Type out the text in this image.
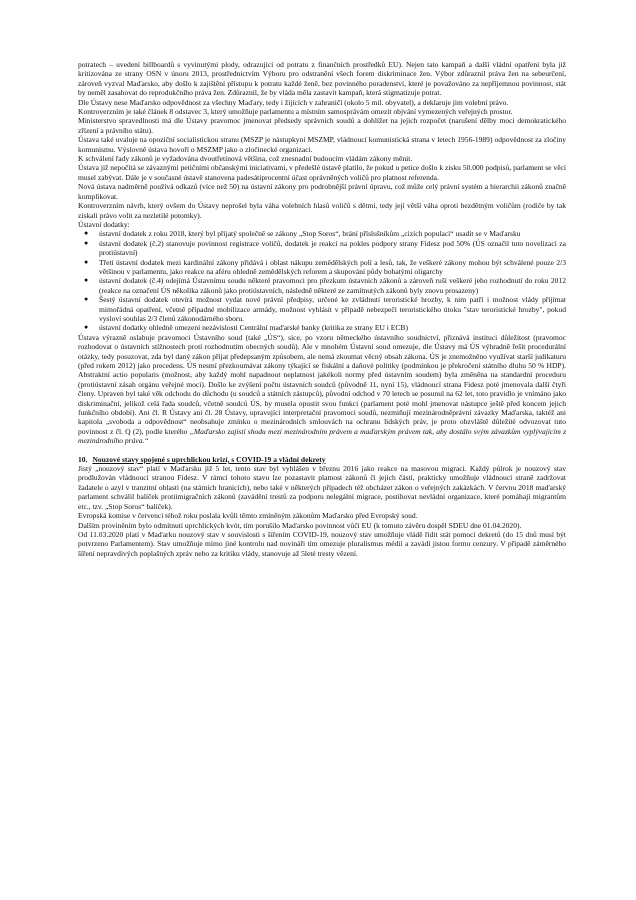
potratech – uvedení billboardů s vyvinutými plody, odrazující od potratu z finančních prostředků EU). Nejen tato kampaň a další vládní opatření byla již kritizována ze strany OSN v únoru 2013, prostřednictvím Výboru pro odstranění všech forem diskriminace žen. Výbor zdůraznil práva žen na sebeurčení, zároveň vyzval Maďarsko, aby došlo k zajištění přístupu k potratu každé ženě, bez povinného poradenství, které je považováno za nepříjemnou povinnost, stát by neměl zasahovat do reprodukčního práva žen. Zdůraznil, že by vláda měla zastavit kampaň, která stigmatizuje potrat.

Dle Ústavy nese Maďarsko odpovědnost za všechny Maďary, tedy i žijících v zahraničí (okolo 5 mil. obyvatel), a deklaruje jim volební právo.

Kontroverzním je také článek 8 odstavec 3, který umožňuje parlamentu a místním samosprávám omezit objvání vymezených veřejných prostor.

Ministerstvo spravedlnosti má dle Ústavy pravomoc jmenovat předsedy správních soudů a dohlížet na jejich rozpočet (narušení dělby moci demokratického zřízení a právního státu).

Ústava také uvaluje na opoziční socialistickou stranu (MSZP je nástupkyní MSZMP, vládnoucí komunistická strana v letech 1956-1989) odpovědnost za zločiny komunismu. Výslovně ústava hovoří o MSZMP jako o zločinecké organizaci.

K schválení řady zákonů je vyžadována dvoutřetinová většina, což znesnadní budoucím vládám zákony měnit.

Ústava již nepočítá se závaznými petičními občanskými iniciativami, v předešlé ústavě platilo, že pokud u petice došlo k zisku 50.000 podpisů, parlament se věcí musel zabývat. Dále je v současné ústavě stanovena padesátiprocentní účast oprávněných voličů pro platnost referenda.

Nová ústava nadměrně používá odkazů (více než 50) na ústavní zákony pro podrobnější právní úpravu, což může celý právní systém a hierarchii zákonů značně komplikovat.

Kontroverzním návrh, který ovšem do Ústavy neprošel byla váha volebních hlasů voličů s dětmi, tedy její větší váha oproti bezdětným voličům (rodiče by tak získali právo volit za nezletilé potomky).

Ústavní dodatky:

● ústavní dodatek z roku 2018, který byl přijatý společně se zákony „Stop Soros“, brání příslušníkům „cizích populací“ usadit se v Maďarsku
● ústavní dodatek (č.2) stanovuje povinnost registrace voličů, dodatek je reakcí na pokles podpory strany Fidesz pod 50% (ÚS označil tuto novelizaci za protiústavní)
● Třetí ústavní dodatek mezi kardinální zákony přidává i oblast nákupu zemědělských polí a lesů, tak, že veškeré zákony mohou být schválené pouze 2/3 většinou v parlamentu, jako reakce na aféru ohledně zemědělských reforem a skupování půdy bohatými oligarchy
● ústavní dodatek (č.4) odejímá Ústavnímu soudu některé pravomoci pro přezkum ústavních zákonů a zároveň ruší veškeré jeho rozhodnutí do roku 2012 (reakce na označení ÚS několika zákonů jako protiústavních, následně některé ze zamítnutých zákonů byly znovu prosazeny)
● Šestý ústavní dodatek otevírá možnost vydat nové právní předpisy, určené ke zvládnutí teroristické hrozby, k nim patří i možnost vlády přijímat mimořádná opatření, včetně případné mobilizace armády, možnost vyhlásit v případě nebezpečí teroristického útoku "stav teroristické hrozby", pokud vysloví souhlas 2/3 členů zákonodárného sboru.
● ústavní dodatky ohledně omezení nezávislosti Centrální maďarské banky (kritika ze strany EU i ECB)

Ústava výrazně oslabuje pravomoci Ústavního soud (také „ÚS“), sice, po vzoru německého ústavního soudnictví, přiznává instituci důležitost (pravomoc rozhodovat o ústavních stížnostech proti rozhodnutím obecných soudů). Ale v mnohém Ústavní soud omezuje, dle Ústavy má ÚS výhradně řešit procedurální otázky, tedy posuzovat, zda byl daný zákon přijat předepsaným způsobem, ale nemá zkoumat věcný obsah zákona. ÚS je znemožněno využívat starší judikaturu (před rokem 2012) jako precedens. ÚS nesmí přezkoumávat zákony týkající se fiskální a daňové politiky (podmínkou je překročení státního dluhu 50 % HDP). Abstraktní actio popularis (možnost, aby každý mohl napadnout neplatnost jakékoli normy před ústavním soudem) byla změněna na standardní proceduru (protiústavní zásah orgánu veřejné moci). Došlo ke zvýšení počtu ústavních soudců (původně 11, nyní 15), vládnoucí strana Fidesz poté jmenovala další čtyři členy. Upraven byl také věk odchodu do důchodu (u soudců a státních zástupců), původní odchod v 70 letech se posunul na 62 let, toto pravidlo je vnímáno jako diskriminační, jelikož celá řada soudců, včetně soudců ÚS, by musela opustit svou funkci (parlament poté mohl jmenovat nástupce ještě před koncem jejich funkčního období). Ani čl. R Ústavy ani čl. 28 Ústavy, upravující interpretační pravomoci soudů, nezmiňují mezinárodněprávní závazky Maďarska, taktéž ani kapitola „svoboda a odpovědnost“ neobsahuje zmínku o mezinárodních smlouvách na ochranu lidských práv, je proto obzvláště důležité odvozovat tuto povinnost z čl. Q (2), podle kterého „Maďarsko zajistí shodu mezi mezinárodním právem a maďarským právem tak, aby dostálo svým závazkům vyplývajícím z mezinárodního práva.“

10. Nouzové stavy spojené s uprchlickou krizí, s COVID-19 a vládní dekrety

Jistý „nouzový stav“ platí v Maďarsku již 5 let, tento stav byl vyhlášen v březnu 2016 jako reakce na masovou migraci. Každý půlrok je nouzový stav prodlužován vládnoucí stranou Fidesz. V rámci tohoto stavu lze pozastavit platnost zákonů či jejich částí, prakticky umožňuje vládnoucí straně zadržovat žadatele o azyl v tranzitní oblasti (na státních hranicích), nebo také v některých případech též obcházet zákon o veřejných zakázkách. V červnu 2018 maďarský parlament schválil balíček protiimigračních zákonů (zavádění trestů za podporu nelegální migrace, postihovat nevládní organizace, které pomáhají migrantům etc., tzv. „Stop Soros“ balíček).

Evropská komise v červenci téhož roku poslala kvůli těmto zmíněným zákonům Maďarsko před Evropský soud.

Dalším proviněním bylo odmítnutí uprchlických kvót, tím porušilo Maďarsko povinnost vůči EU (k tomuto závěru dospěl SDEU dne 01.04.2020).

Od 11.03.2020 platí v Maďarku nouzový stav v souvislosti s šířením COVID-19, nouzový stav umožňuje vládě řídit stát pomocí dekretů (do 15 dnů musí být potvrzeno Parlamentem). Stav umožňuje mimo jiné kontrolu nad novináři tím omezuje pluralismus médií a zavádí jistou formu cenzury. V případě záměrného šíření nepravdivých poplašných zpráv nebo za kritiku vlády, stanovuje až 5leté tresty vězení.
